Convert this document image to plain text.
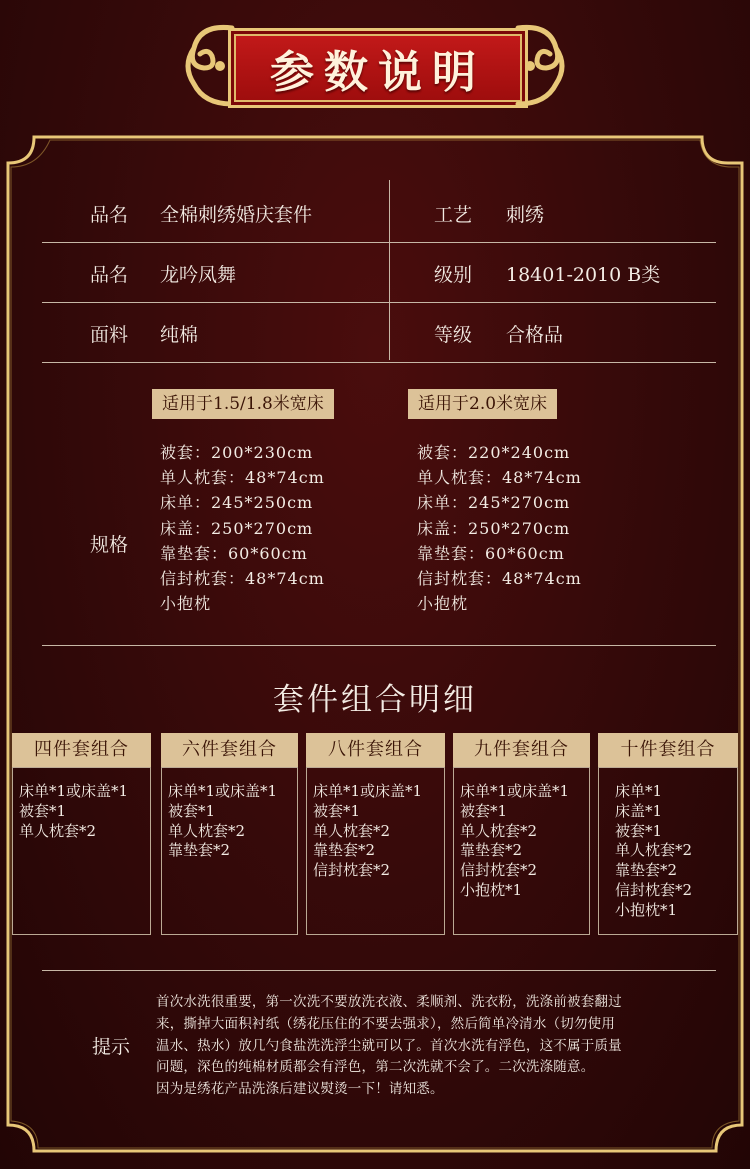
参数说明
品名 全棉刺绣婚庆套件	工艺 刺绣
品名 龙吟凤舞	级别 18401-2010 B类
面料 纯棉	等级 合格品
规格
适用于1.5/1.8米宽床
被套：200*230cm
单人枕套：48*74cm
床单：245*250cm
床盖：250*270cm
靠垫套：60*60cm
信封枕套：48*74cm
小抱枕
适用于2.0米宽床
被套：220*240cm
单人枕套：48*74cm
床单：245*270cm
床盖：250*270cm
靠垫套：60*60cm
信封枕套：48*74cm
小抱枕
套件组合明细
四件套组合
床单*1或床盖*1
被套*1
单人枕套*2
六件套组合
床单*1或床盖*1
被套*1
单人枕套*2
靠垫套*2
八件套组合
床单*1或床盖*1
被套*1
单人枕套*2
靠垫套*2
信封枕套*2
九件套组合
床单*1或床盖*1
被套*1
单人枕套*2
靠垫套*2
信封枕套*2
小抱枕*1
十件套组合
床单*1
床盖*1
被套*1
单人枕套*2
靠垫套*2
信封枕套*2
小抱枕*1
提示
首次水洗很重要，第一次洗不要放洗衣液、柔顺剂、洗衣粉，洗涤前被套翻过
来，撕掉大面积衬纸（绣花压住的不要去强求），然后简单冷清水（切勿使用
温水、热水）放几勺食盐洗洗浮尘就可以了。首次水洗有浮色，这不属于质量
问题，深色的纯棉材质都会有浮色，第二次洗就不会了。二次洗涤随意。
因为是绣花产品洗涤后建议熨烫一下！请知悉。
